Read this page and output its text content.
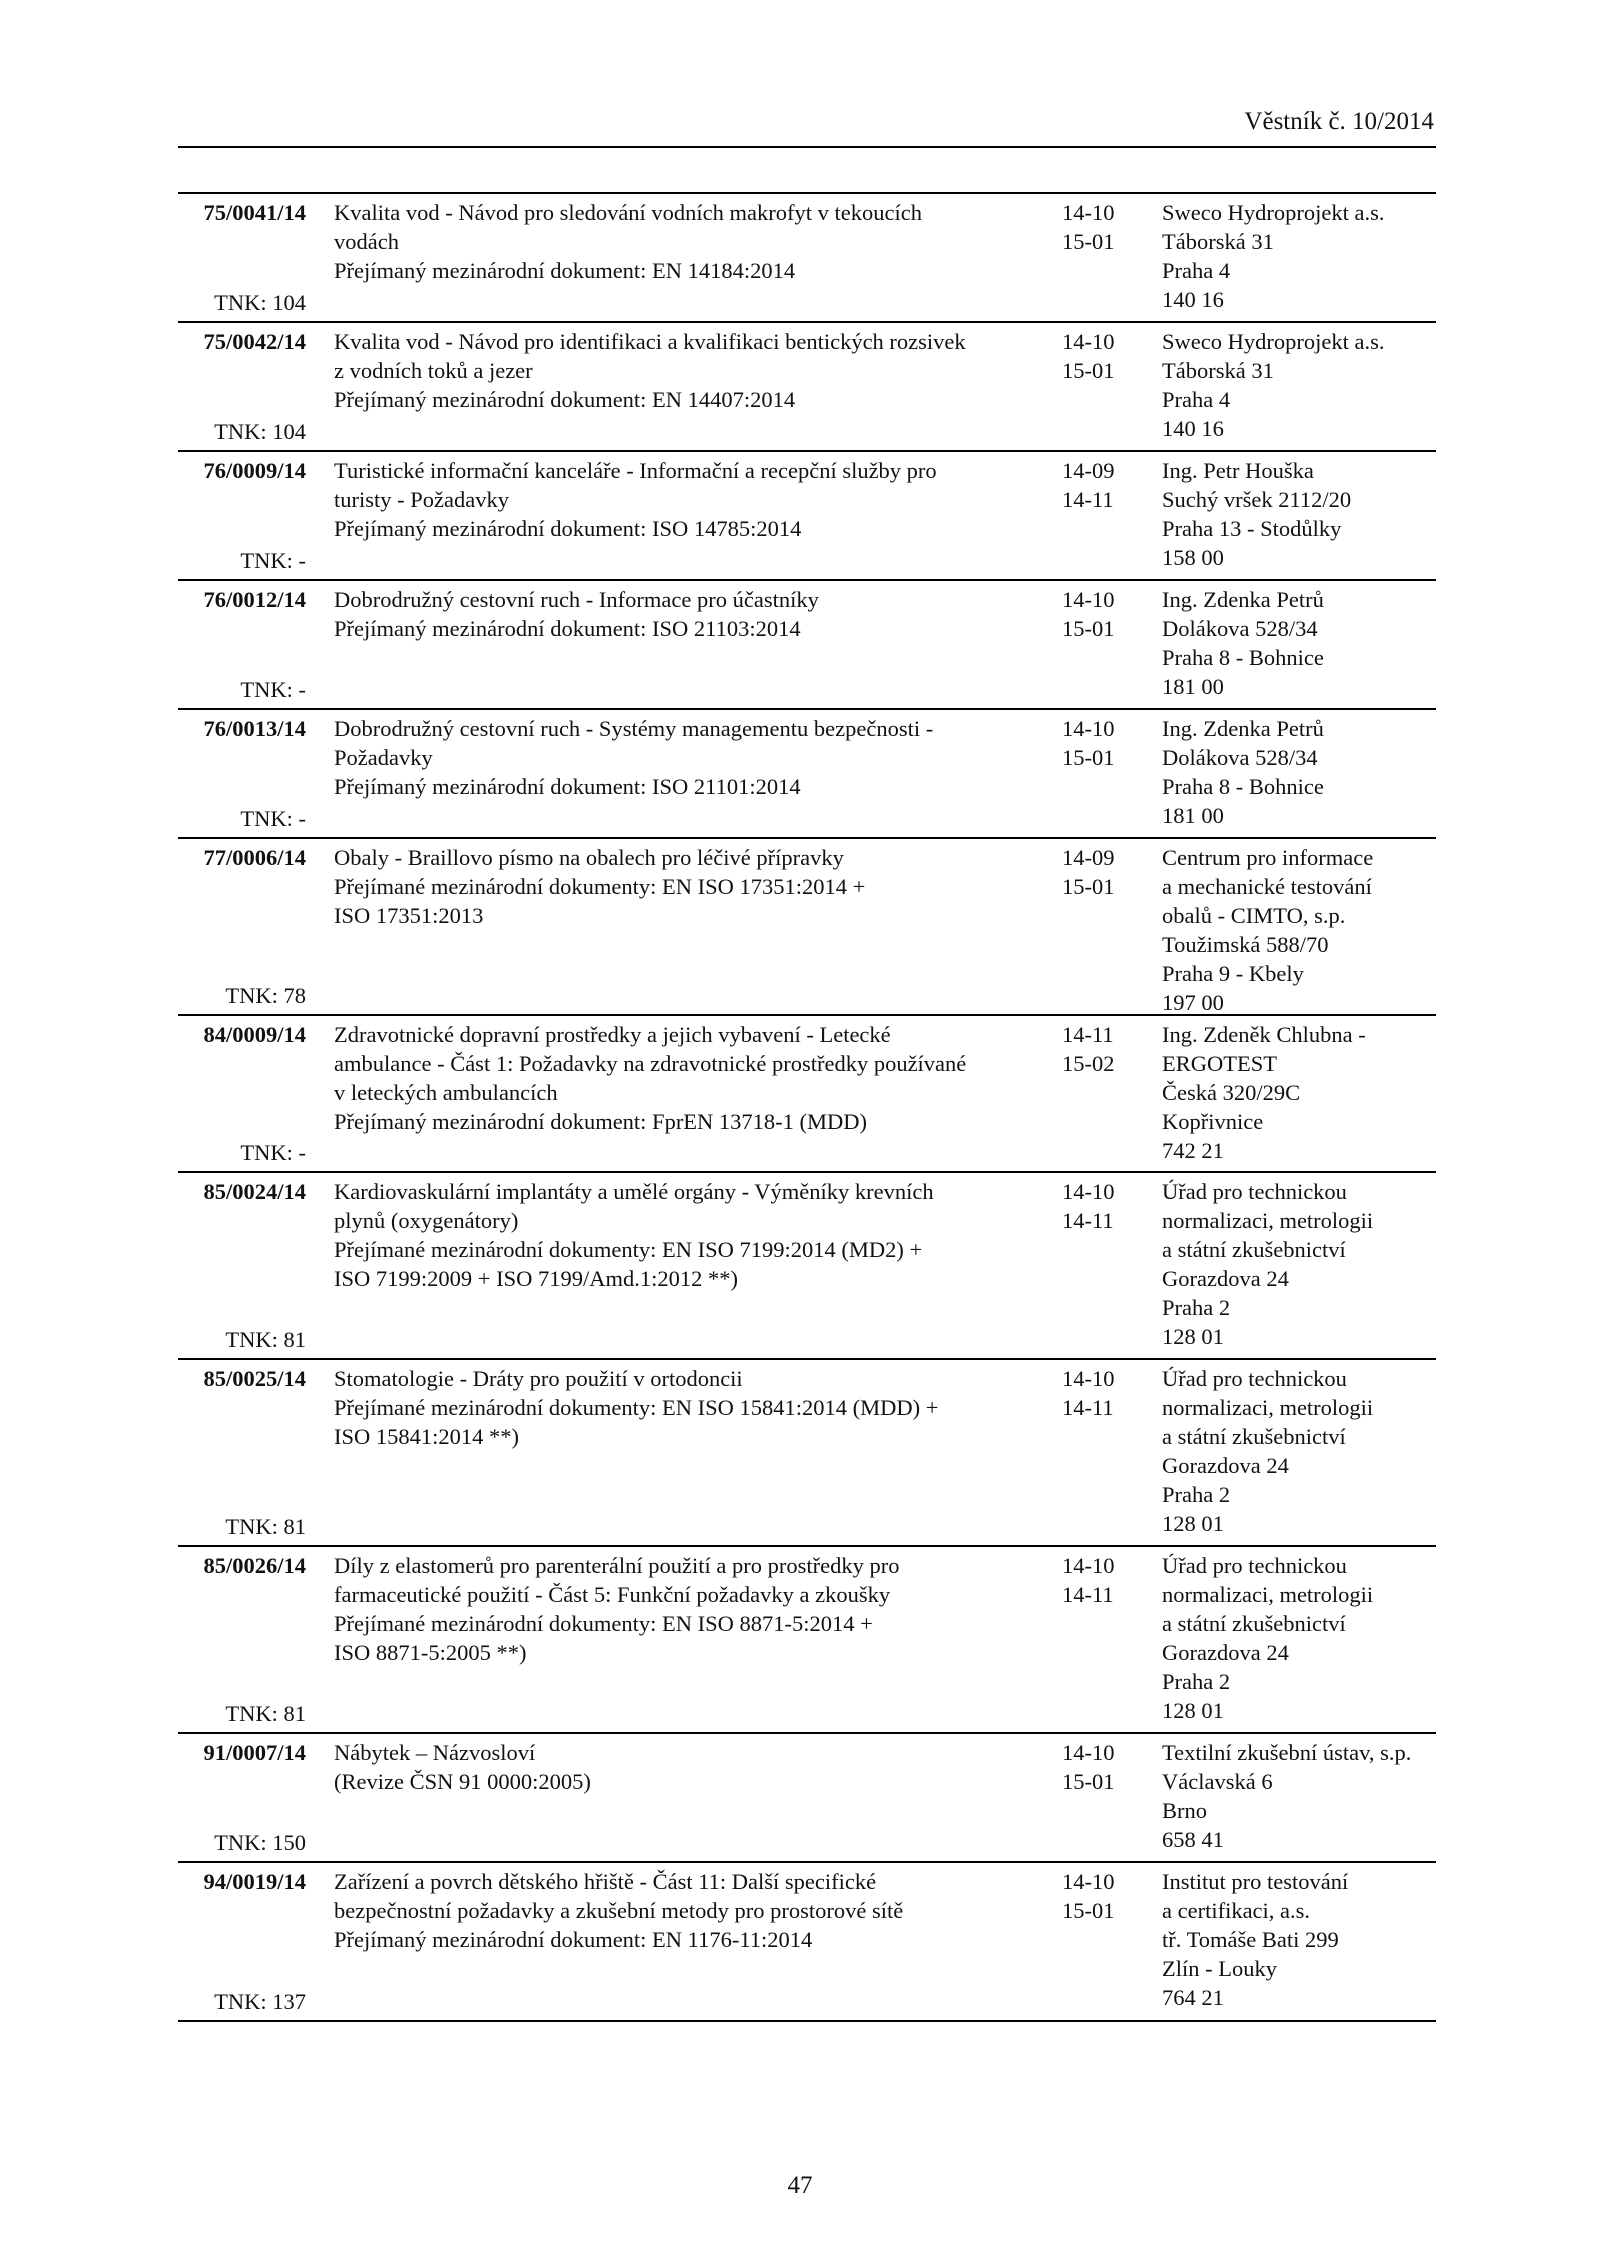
Věstník č. 10/2014
75/0041/14
TNK: 104
Kvalita vod - Návod pro sledování vodních makrofyt v tekoucích
vodách
Přejímaný mezinárodní dokument: EN 14184:2014
14-10
15-01
Sweco Hydroprojekt a.s.
Táborská 31
Praha 4
140 16
75/0042/14
TNK: 104
Kvalita vod - Návod pro identifikaci a kvalifikaci bentických rozsivek
z vodních toků a jezer
Přejímaný mezinárodní dokument: EN 14407:2014
14-10
15-01
Sweco Hydroprojekt a.s.
Táborská 31
Praha 4
140 16
76/0009/14
TNK: -
Turistické informační kanceláře - Informační a recepční služby pro
turisty - Požadavky
Přejímaný mezinárodní dokument: ISO 14785:2014
14-09
14-11
Ing. Petr Houška
Suchý vršek 2112/20
Praha 13 - Stodůlky
158 00
76/0012/14
TNK: -
Dobrodružný cestovní ruch - Informace pro účastníky
Přejímaný mezinárodní dokument: ISO 21103:2014
14-10
15-01
Ing. Zdenka Petrů
Dolákova 528/34
Praha 8 - Bohnice
181 00
76/0013/14
TNK: -
Dobrodružný cestovní ruch - Systémy managementu bezpečnosti -
Požadavky
Přejímaný mezinárodní dokument: ISO 21101:2014
14-10
15-01
Ing. Zdenka Petrů
Dolákova 528/34
Praha 8 - Bohnice
181 00
77/0006/14
TNK: 78
Obaly - Braillovo písmo na obalech pro léčivé přípravky
Přejímané mezinárodní dokumenty: EN ISO 17351:2014 +
ISO 17351:2013
14-09
15-01
Centrum pro informace
a mechanické testování
obalů - CIMTO, s.p.
Toužimská 588/70
Praha 9 - Kbely
197 00
84/0009/14
TNK: -
Zdravotnické dopravní prostředky a jejich vybavení - Letecké
ambulance - Část 1: Požadavky na zdravotnické prostředky používané
v leteckých ambulancích
Přejímaný mezinárodní dokument: FprEN 13718-1 (MDD)
14-11
15-02
Ing. Zdeněk Chlubna -
ERGOTEST
Česká 320/29C
Kopřivnice
742 21
85/0024/14
TNK: 81
Kardiovaskulární implantáty a umělé orgány - Výměníky krevních
plynů (oxygenátory)
Přejímané mezinárodní dokumenty: EN ISO 7199:2014 (MD2) +
ISO 7199:2009 + ISO 7199/Amd.1:2012 **)
14-10
14-11
Úřad pro technickou
normalizaci, metrologii
a státní zkušebnictví
Gorazdova 24
Praha 2
128 01
85/0025/14
TNK: 81
Stomatologie - Dráty pro použití v ortodoncii
Přejímané mezinárodní dokumenty: EN ISO 15841:2014 (MDD) +
ISO 15841:2014 **)
14-10
14-11
Úřad pro technickou
normalizaci, metrologii
a státní zkušebnictví
Gorazdova 24
Praha 2
128 01
85/0026/14
TNK: 81
Díly z elastomerů pro parenterální použití a pro prostředky pro
farmaceutické použití - Část 5: Funkční požadavky a zkoušky
Přejímané mezinárodní dokumenty: EN ISO 8871-5:2014 +
ISO 8871-5:2005 **)
14-10
14-11
Úřad pro technickou
normalizaci, metrologii
a státní zkušebnictví
Gorazdova 24
Praha 2
128 01
91/0007/14
TNK: 150
Nábytek – Názvosloví
(Revize ČSN 91 0000:2005)
14-10
15-01
Textilní zkušební ústav, s.p.
Václavská 6
Brno
658 41
94/0019/14
TNK: 137
Zařízení a povrch dětského hřiště - Část 11: Další specifické
bezpečnostní požadavky a zkušební metody pro prostorové sítě
Přejímaný mezinárodní dokument: EN 1176-11:2014
14-10
15-01
Institut pro testování
a certifikaci, a.s.
tř. Tomáše Bati 299
Zlín - Louky
764 21
47
